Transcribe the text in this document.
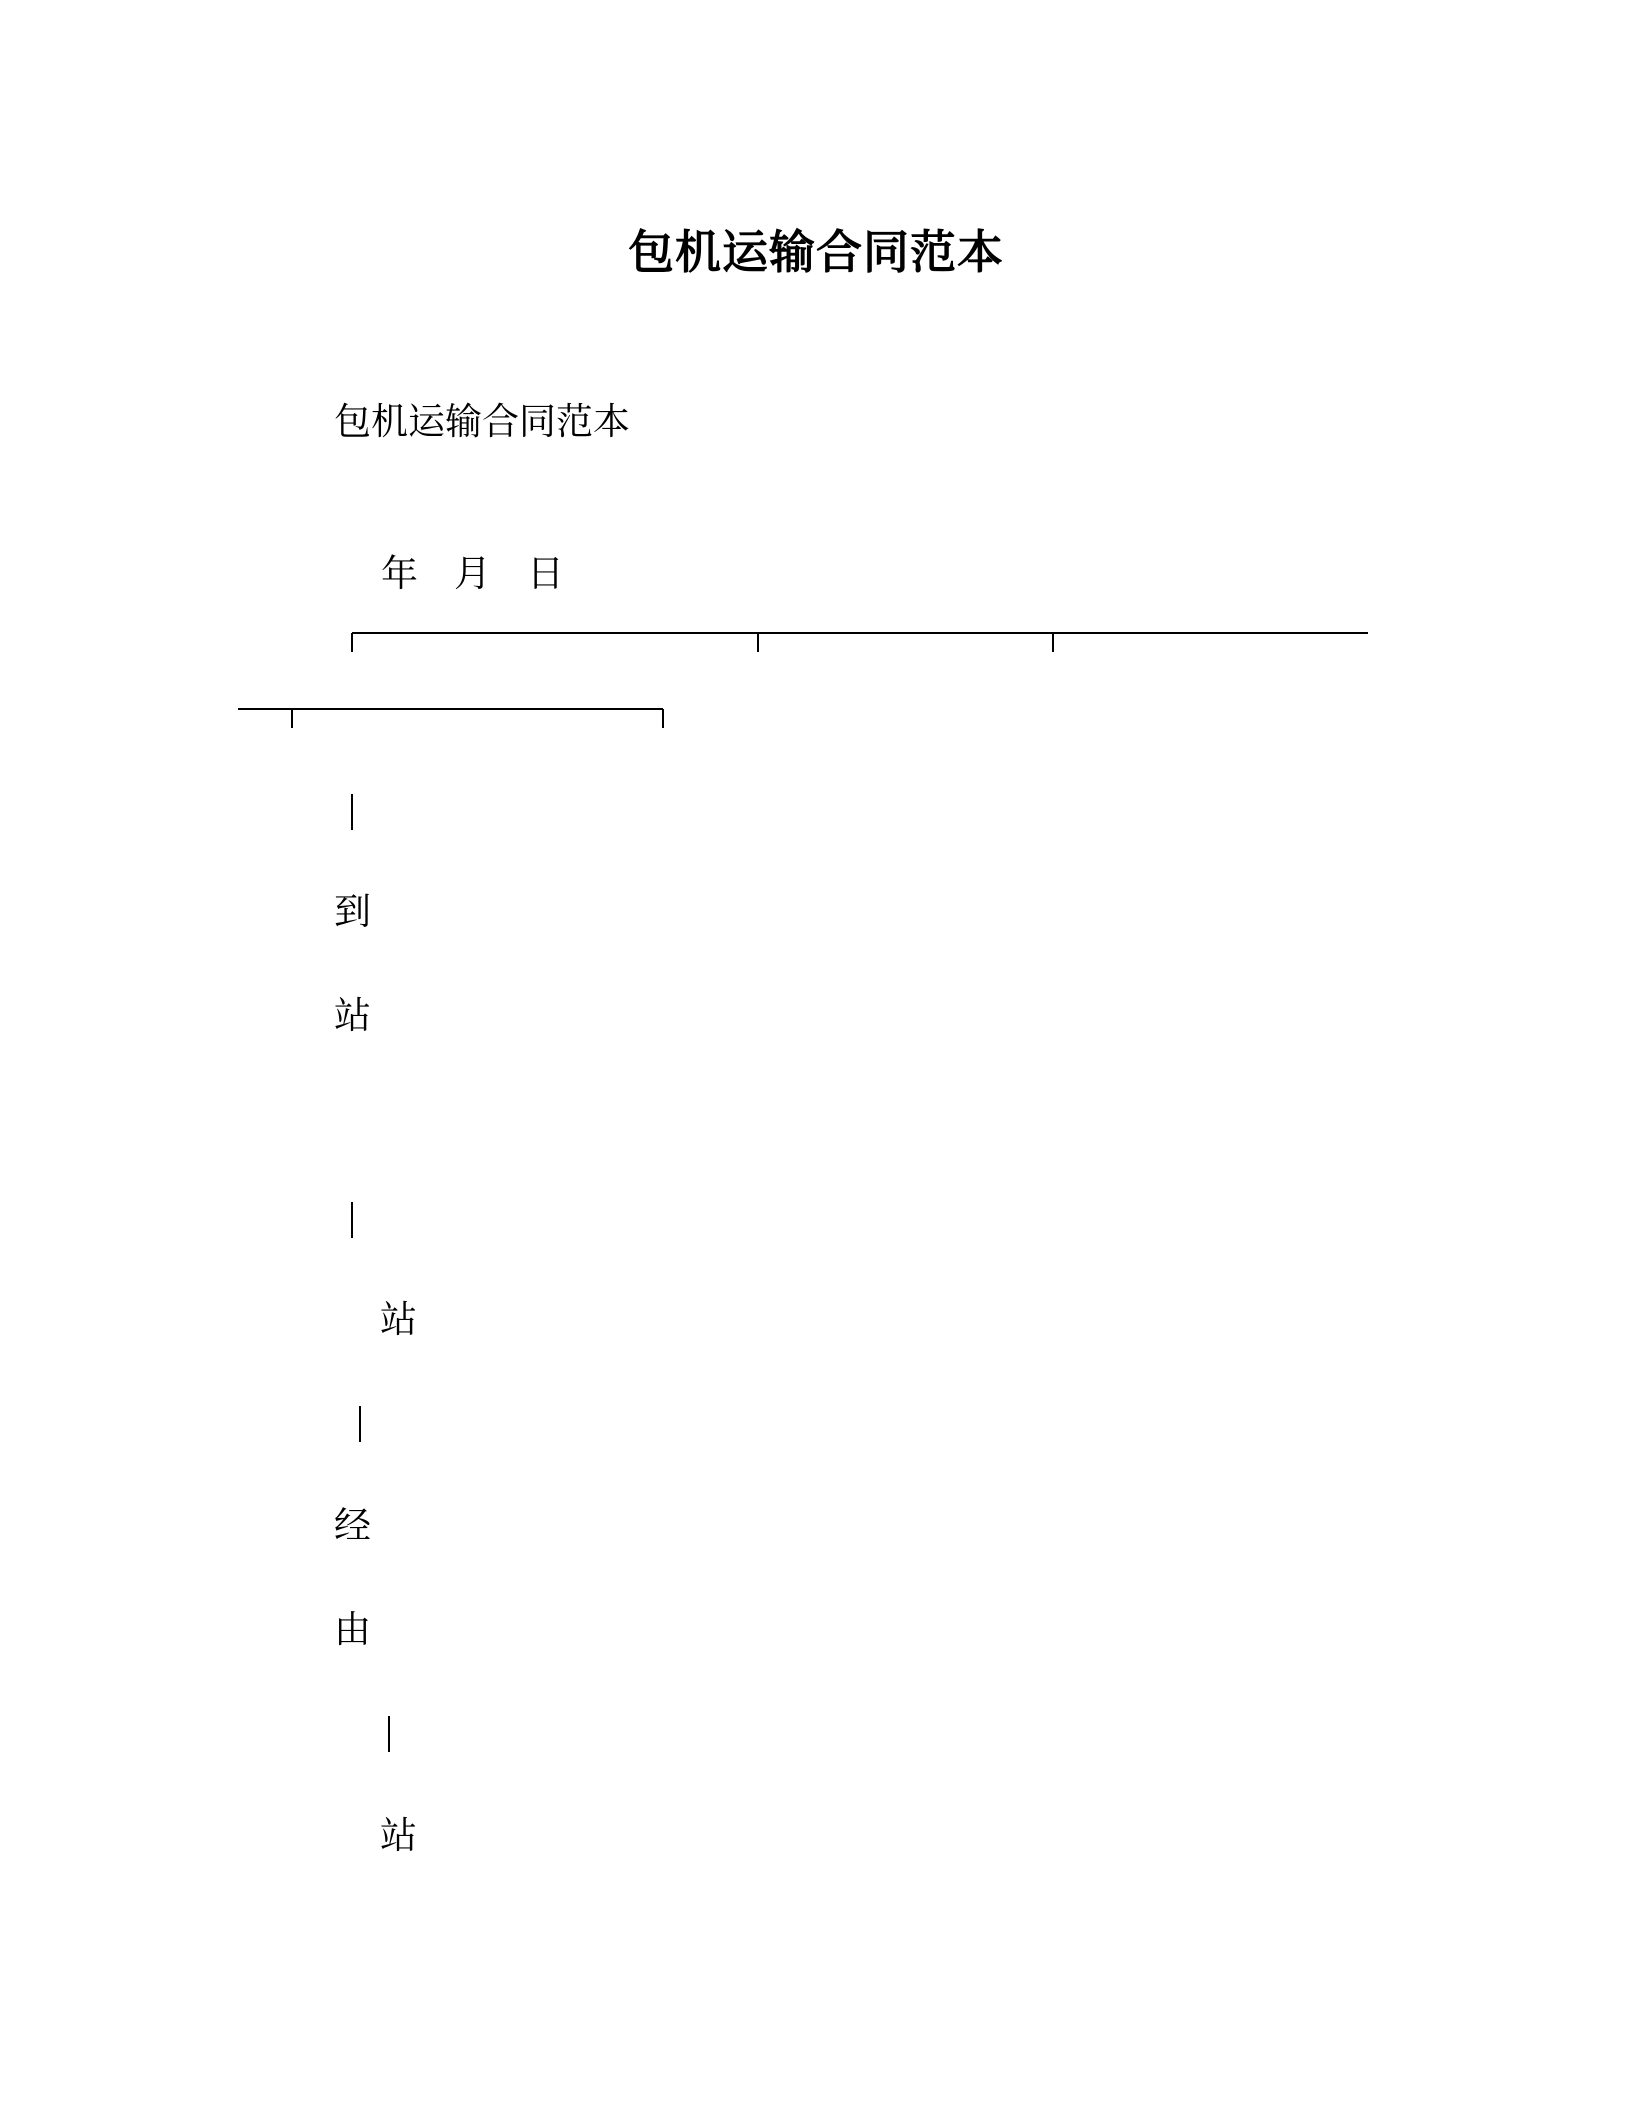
包机运输合同范本
包机运输合同范本

年 月 日

到
站
站
经
由
站
